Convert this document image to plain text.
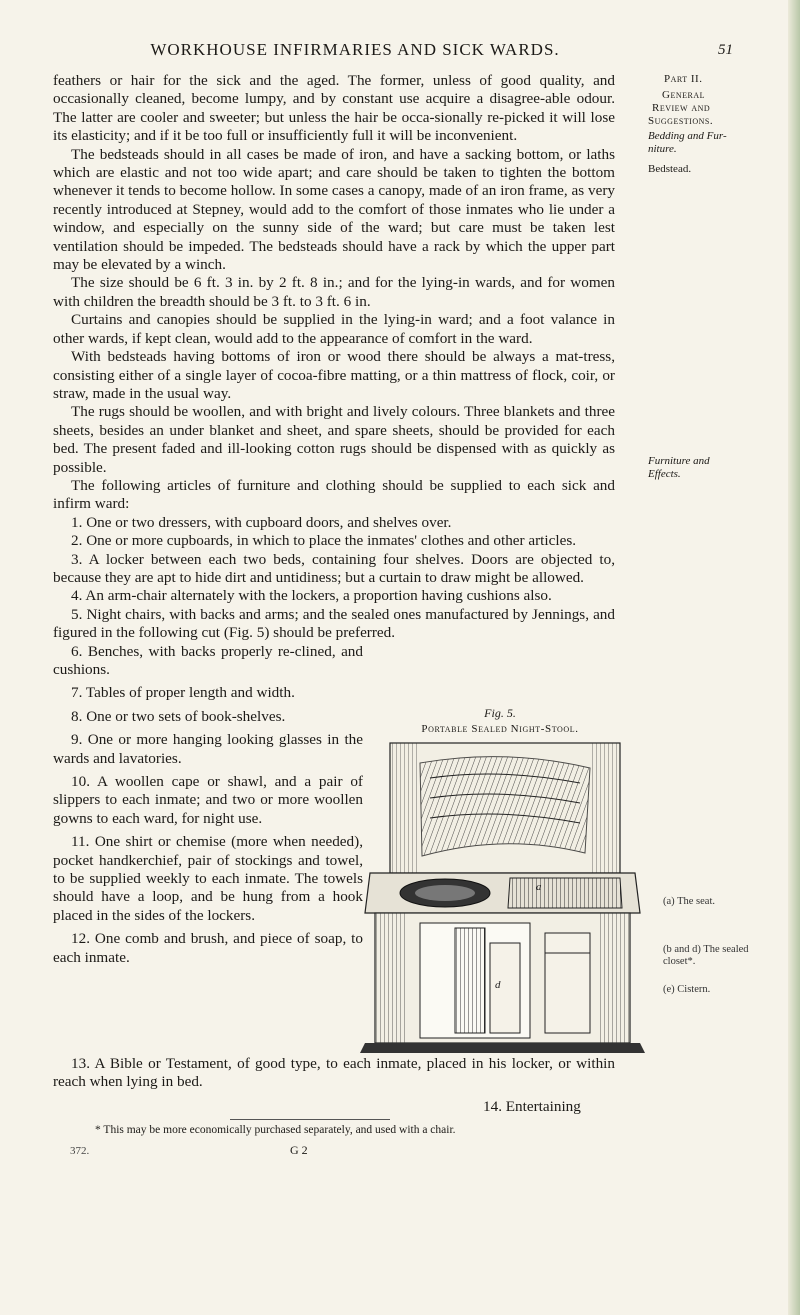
WORKHOUSE INFIRMARIES AND SICK WARDS.	51
Part II.
General
Review and
Suggestions.
Bedding and Fur-
niture.
Bedstead.
Furniture and
Effects.

feathers or hair for the sick and the aged. The former, unless of good quality, and occasionally cleaned, become lumpy, and by constant use acquire a disagree-able odour. The latter are cooler and sweeter; but unless the hair be occa-sionally re-picked it will lose its elasticity; and if it be too full or insufficiently full it will be inconvenient.

The bedsteads should in all cases be made of iron, and have a sacking bottom, or laths which are elastic and not too wide apart; and care should be taken to tighten the bottom whenever it tends to become hollow. In some cases a canopy, made of an iron frame, as very recently introduced at Stepney, would add to the comfort of those inmates who lie under a window, and especially on the sunny side of the ward; but care must be taken lest ventilation should be impeded. The bedsteads should have a rack by which the upper part may be elevated by a winch.

The size should be 6 ft. 3 in. by 2 ft. 8 in.; and for the lying-in wards, and for women with children the breadth should be 3 ft. to 3 ft. 6 in.

Curtains and canopies should be supplied in the lying-in ward; and a foot valance in other wards, if kept clean, would add to the appearance of comfort in the ward.

With bedsteads having bottoms of iron or wood there should be always a mat-tress, consisting either of a single layer of cocoa-fibre matting, or a thin mattress of flock, coir, or straw, made in the usual way.

The rugs should be woollen, and with bright and lively colours. Three blankets and three sheets, besides an under blanket and sheet, and spare sheets, should be provided for each bed. The present faded and ill-looking cotton rugs should be dispensed with as quickly as possible.

The following articles of furniture and clothing should be supplied to each sick and infirm ward:

1. One or two dressers, with cupboard doors, and shelves over.

2. One or more cupboards, in which to place the inmates' clothes and other articles.

3. A locker between each two beds, containing four shelves. Doors are objected to, because they are apt to hide dirt and untidiness; but a curtain to draw might be allowed.

4. An arm-chair alternately with the lockers, a proportion having cushions also.

5. Night chairs, with backs and arms; and the sealed ones manufactured by Jennings, and figured in the following cut (Fig. 5) should be preferred.

6. Benches, with backs properly re-clined, and cushions.

7. Tables of proper length and width.

8. One or two sets of book-shelves.

9. One or more hanging looking glasses in the wards and lavatories.

10. A woollen cape or shawl, and a pair of slippers to each inmate; and two or more woollen gowns to each ward, for night use.

11. One shirt or chemise (more when needed), pocket handkerchief, pair of stockings and towel, to be supplied weekly to each inmate. The towels should have a loop, and be hung from a hook placed in the sides of the lockers.

12. One comb and brush, and piece of soap, to each inmate.

Fig. 5.
Portable Sealed Night-Stool.
a
d
(a) The seat.
(b and d) The sealed closet*.
(e) Cistern.

13. A Bible or Testament, of good type, to each inmate, placed in his locker, or within reach when lying in bed.

14. Entertaining
* This may be more economically purchased separately, and used with a chair.
372.	G 2
